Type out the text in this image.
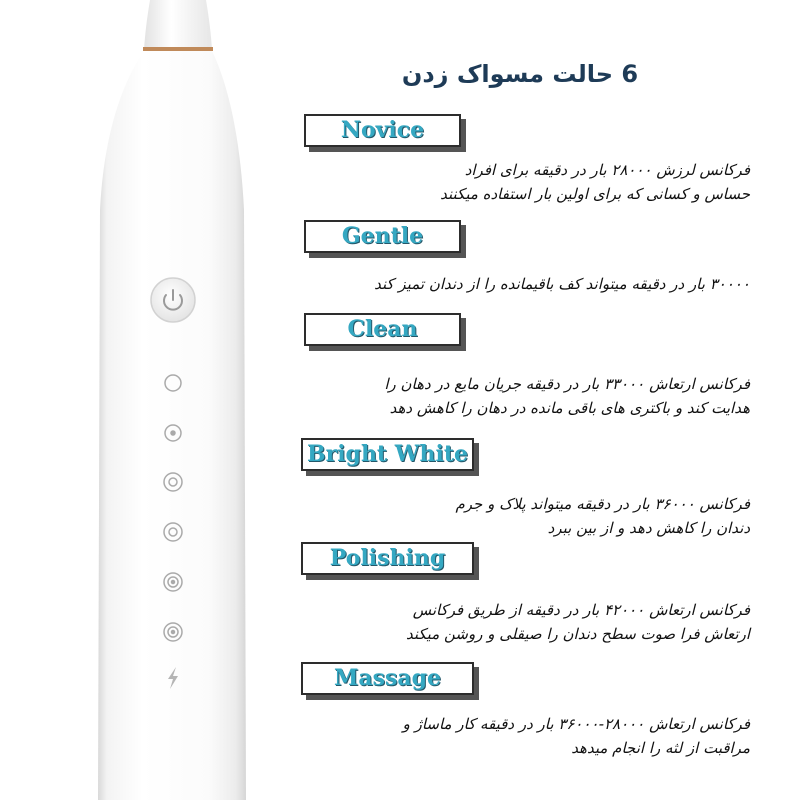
6 حالت مسواک زدن
Novice
فرکانس لرزش ۲۸۰۰۰ بار در دقیقه برای افراد
حساس و کسانی که برای اولین بار استفاده میکنند
Gentle
۳۰۰۰۰ بار در دقیقه میتواند کف باقیمانده را از دندان تمیز کند
Clean
فرکانس ارتعاش ۳۳۰۰۰ بار در دقیقه جریان مایع در دهان را
هدایت کند و باکتری های باقی مانده در دهان را کاهش دهد
Bright White
فرکانس ۳۶۰۰۰ بار در دقیقه میتواند پلاک و جرم
دندان را کاهش دهد و از بین ببرد
Polishing
فرکانس ارتعاش ۴۲۰۰۰ بار در دقیقه از طریق فرکانس
ارتعاش فرا صوت سطح دندان را صیقلی و روشن میکند
Massage
فرکانس ارتعاش ۲۸۰۰۰-۳۶۰۰۰ بار در دقیقه کار ماساژ و
مراقبت از لثه را انجام میدهد
